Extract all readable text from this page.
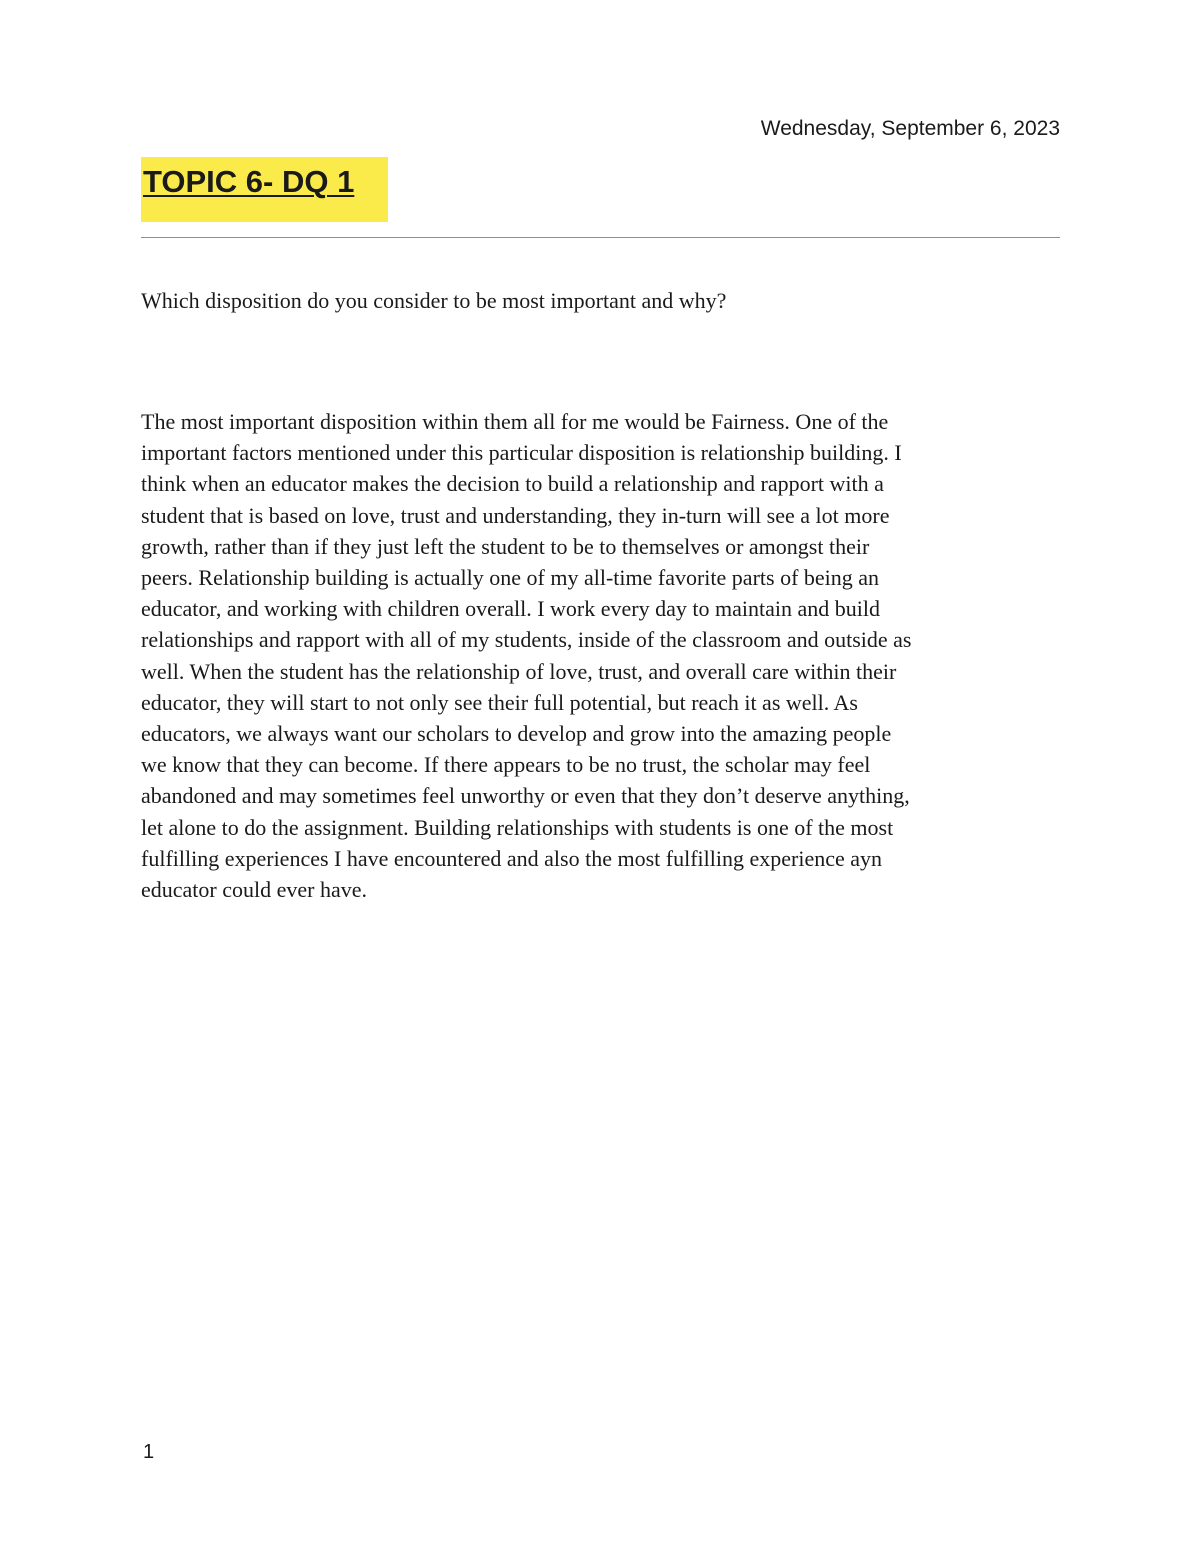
Wednesday, September 6, 2023
TOPIC 6- DQ 1
Which disposition do you consider to be most important and why?
The most important disposition within them all for me would be Fairness. One of the
important factors mentioned under this particular disposition is relationship building. I
think when an educator makes the decision to build a relationship and rapport with a
student that is based on love, trust and understanding, they in-turn will see a lot more
growth, rather than if they just left the student to be to themselves or amongst their
peers. Relationship building is actually one of my all-time favorite parts of being an
educator, and working with children overall. I work every day to maintain and build
relationships and rapport with all of my students, inside of the classroom and outside as
well. When the student has the relationship of love, trust, and overall care within their
educator, they will start to not only see their full potential, but reach it as well. As
educators, we always want our scholars to develop and grow into the amazing people
we know that they can become. If there appears to be no trust, the scholar may feel
abandoned and may sometimes feel unworthy or even that they don’t deserve anything,
let alone to do the assignment. Building relationships with students is one of the most
fulfilling experiences I have encountered and also the most fulfilling experience ayn
educator could ever have.
1
